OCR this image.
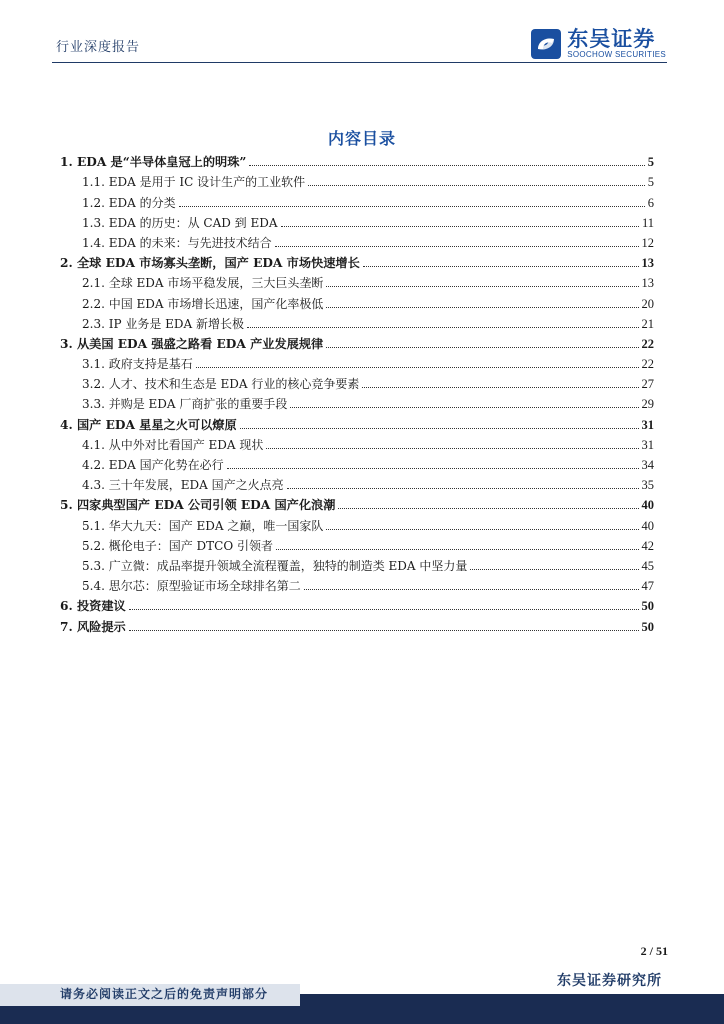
行业深度报告	东吴证券
SOOCHOW SECURITIES
内容目录
1. EDA 是“半导体皇冠上的明珠”	5
1.1. EDA 是用于 IC 设计生产的工业软件	5
1.2. EDA 的分类	6
1.3. EDA 的历史：从 CAD 到 EDA	11
1.4. EDA 的未来：与先进技术结合	12
2. 全球 EDA 市场寡头垄断，国产 EDA 市场快速增长	13
2.1. 全球 EDA 市场平稳发展，三大巨头垄断	13
2.2. 中国 EDA 市场增长迅速，国产化率极低	20
2.3. IP 业务是 EDA 新增长极	21
3. 从美国 EDA 强盛之路看 EDA 产业发展规律	22
3.1. 政府支持是基石	22
3.2. 人才、技术和生态是 EDA 行业的核心竞争要素	27
3.3. 并购是 EDA 厂商扩张的重要手段	29
4. 国产 EDA 星星之火可以燎原	31
4.1. 从中外对比看国产 EDA 现状	31
4.2. EDA 国产化势在必行	34
4.3. 三十年发展，EDA 国产之火点亮	35
5. 四家典型国产 EDA 公司引领 EDA 国产化浪潮	40
5.1. 华大九天：国产 EDA 之巅，唯一国家队	40
5.2. 概伦电子：国产 DTCO 引领者	42
5.3. 广立微：成品率提升领域全流程覆盖，独特的制造类 EDA 中坚力量	45
5.4. 思尔芯：原型验证市场全球排名第二	47
6. 投资建议	50
7. 风险提示	50
2 / 51
东吴证券研究所
请务必阅读正文之后的免责声明部分
